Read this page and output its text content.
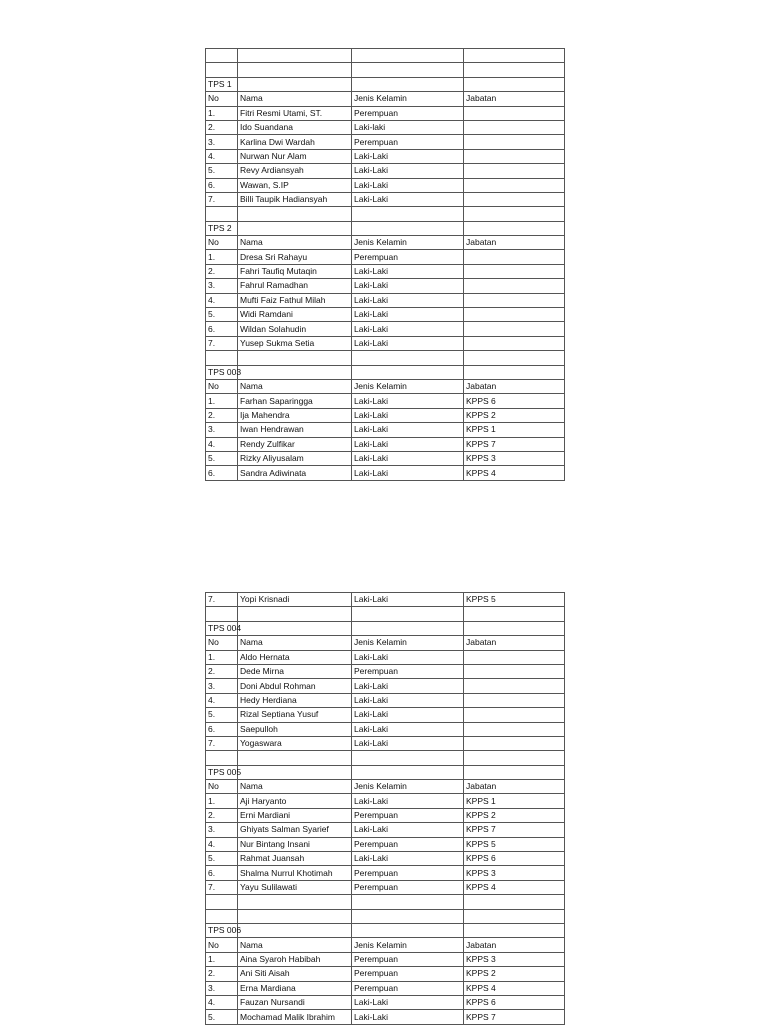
TPS 1			
No	Nama	Jenis Kelamin	Jabatan
1.	Fitri Resmi Utami, ST.	Perempuan	
2.	Ido Suandana	Laki-laki	
3.	Karlina Dwi Wardah	Perempuan	
4.	Nurwan Nur Alam	Laki-Laki	
5.	Revy Ardiansyah	Laki-Laki	
6.	Wawan, S.IP	Laki-Laki	
7.	Billi Taupik Hadiansyah	Laki-Laki	

TPS 2			
No	Nama	Jenis Kelamin	Jabatan
1.	Dresa Sri Rahayu	Perempuan	
2.	Fahri Taufiq Mutaqin	Laki-Laki	
3.	Fahrul Ramadhan	Laki-Laki	
4.	Mufti Faiz Fathul Milah	Laki-Laki	
5.	Widi Ramdani	Laki-Laki	
6.	Wildan Solahudin	Laki-Laki	
7.	Yusep Sukma Setia	Laki-Laki	

TPS 003			
No	Nama	Jenis Kelamin	Jabatan
1.	Farhan Saparingga	Laki-Laki	KPPS 6
2.	Ija Mahendra	Laki-Laki	KPPS 2
3.	Iwan Hendrawan	Laki-Laki	KPPS 1
4.	Rendy Zulfikar	Laki-Laki	KPPS 7
5.	Rizky Aliyusalam	Laki-Laki	KPPS 3
6.	Sandra Adiwinata	Laki-Laki	KPPS 4
7.	Yopi Krisnadi	Laki-Laki	KPPS 5

TPS 004			
No	Nama	Jenis Kelamin	Jabatan
1.	Aldo Hernata	Laki-Laki	
2.	Dede Mirna	Perempuan	
3.	Doni Abdul Rohman	Laki-Laki	
4.	Hedy Herdiana	Laki-Laki	
5.	Rizal Septiana Yusuf	Laki-Laki	
6.	Saepulloh	Laki-Laki	
7.	Yogaswara	Laki-Laki	

TPS 005			
No	Nama	Jenis Kelamin	Jabatan
1.	Aji Haryanto	Laki-Laki	KPPS 1
2.	Erni Mardiani	Perempuan	KPPS 2
3.	Ghiyats Salman Syarief	Laki-Laki	KPPS 7
4.	Nur Bintang Insani	Perempuan	KPPS 5
5.	Rahmat Juansah	Laki-Laki	KPPS 6
6.	Shalma Nurrul Khotimah	Perempuan	KPPS 3
7.	Yayu Sulilawati	Perempuan	KPPS 4

TPS 006			
No	Nama	Jenis Kelamin	Jabatan
1.	Aina Syaroh Habibah	Perempuan	KPPS 3
2.	Ani Siti Aisah	Perempuan	KPPS 2
3.	Erna Mardiana	Perempuan	KPPS 4
4.	Fauzan Nursandi	Laki-Laki	KPPS 6
5.	Mochamad Malik Ibrahim	Laki-Laki	KPPS 7
